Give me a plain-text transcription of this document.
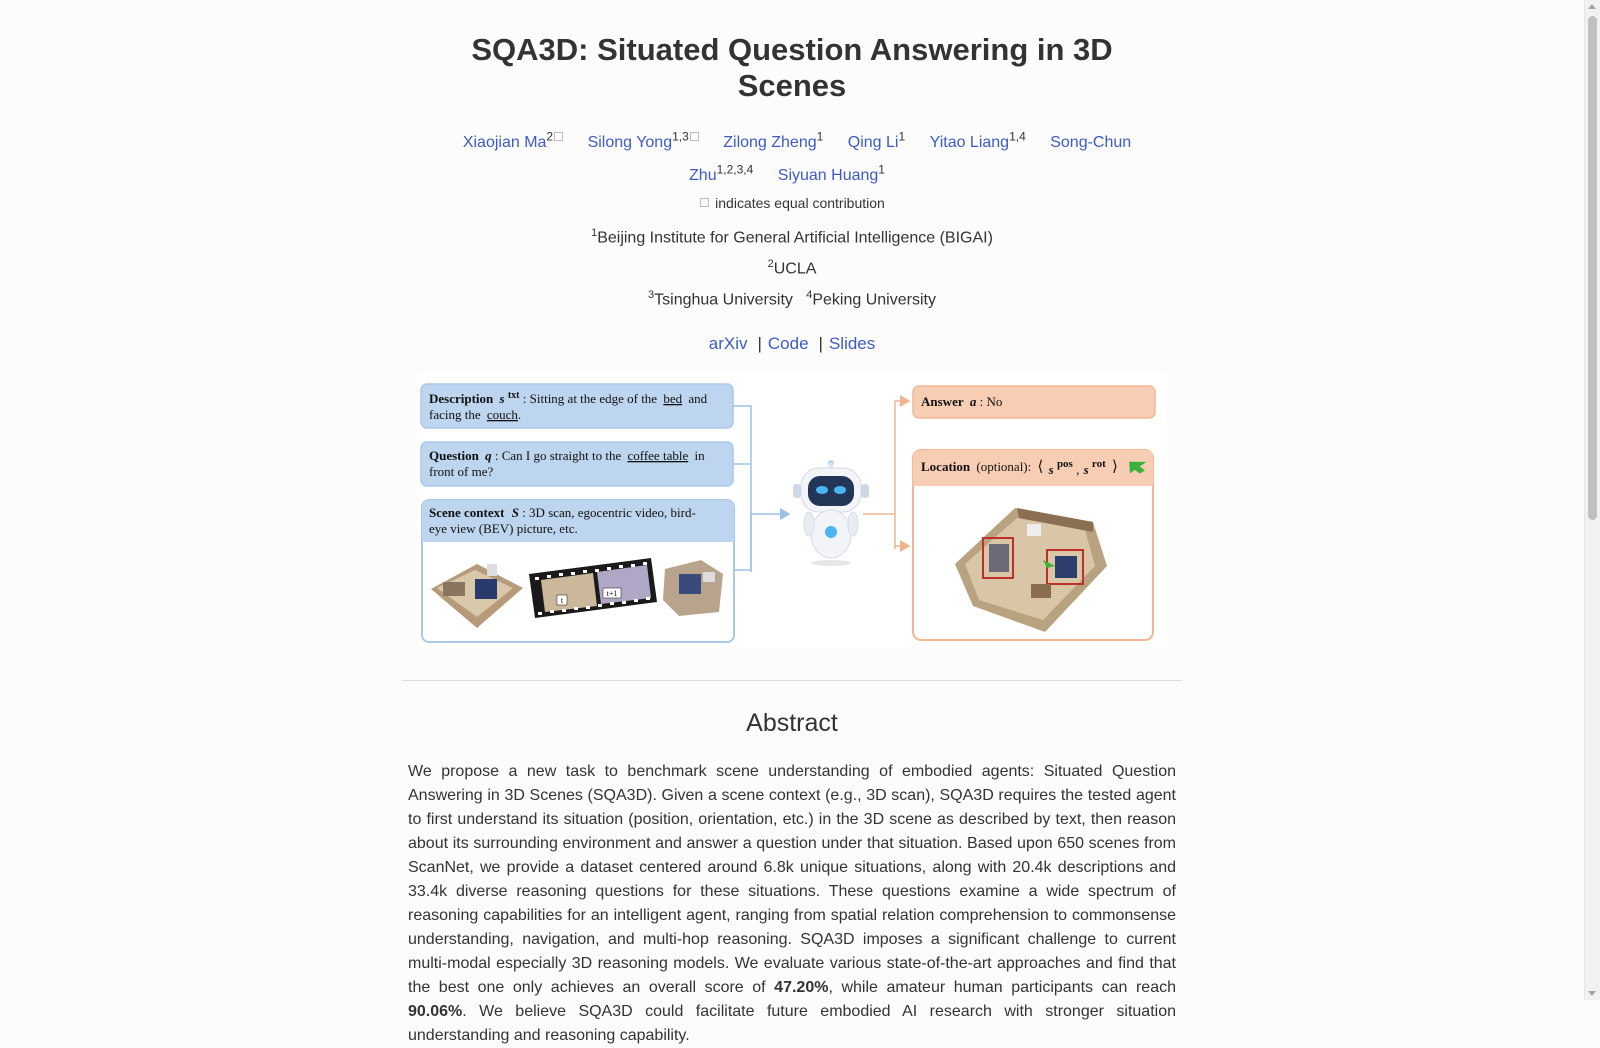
SQA3D: Situated Question Answering in 3D Scenes
Xiaojian Ma$^2$ Silong Yong$^{1,3}$ Zilong Zheng$^1$ Qing Li$^1$ Yitao Liang$^{1,4}$ Song-Chun Zhu$^{1,2,3,4}$ Siyuan Huang$^1$
indicates equal contribution
$^1$Beijing Institute for General Artificial Intelligence (BIGAI)
$^2$UCLA
$^3$Tsinghua University $^4$Peking University
arXiv | Code | Slides
Description s $^{txt}$ : Sitting at the edge of the bed and
facing the couch.
Question q : Can I go straight to the coffee table in
front of me?
Scene context S : 3D scan, egocentric video, bird-
eye view (BEV) picture, etc.
t
t+1
Answer a : No
Location (optional): ⟨ s $^{pos}$ , s $^{rot}$ ⟩
Abstract

We propose a new task to benchmark scene understanding of embodied agents: Situated Question Answering in 3D Scenes (SQA3D). Given a scene context (e.g., 3D scan), SQA3D requires the tested agent to first understand its situation (position, orientation, etc.) in the 3D scene as described by text, then reason about its surrounding environment and answer a question under that situation. Based upon 650 scenes from ScanNet, we provide a dataset centered around 6.8k unique situations, along with 20.4k descriptions and 33.4k diverse reasoning questions for these situations. These questions examine a wide spectrum of reasoning capabilities for an intelligent agent, ranging from spatial relation comprehension to commonsense understanding, navigation, and multi-hop reasoning. SQA3D imposes a significant challenge to current multi-modal especially 3D reasoning models. We evaluate various state-of-the-art approaches and find that the best one only achieves an overall score of 47.20%, while amateur human participants can reach 90.06%. We believe SQA3D could facilitate future embodied AI research with stronger situation understanding and reasoning capability.
